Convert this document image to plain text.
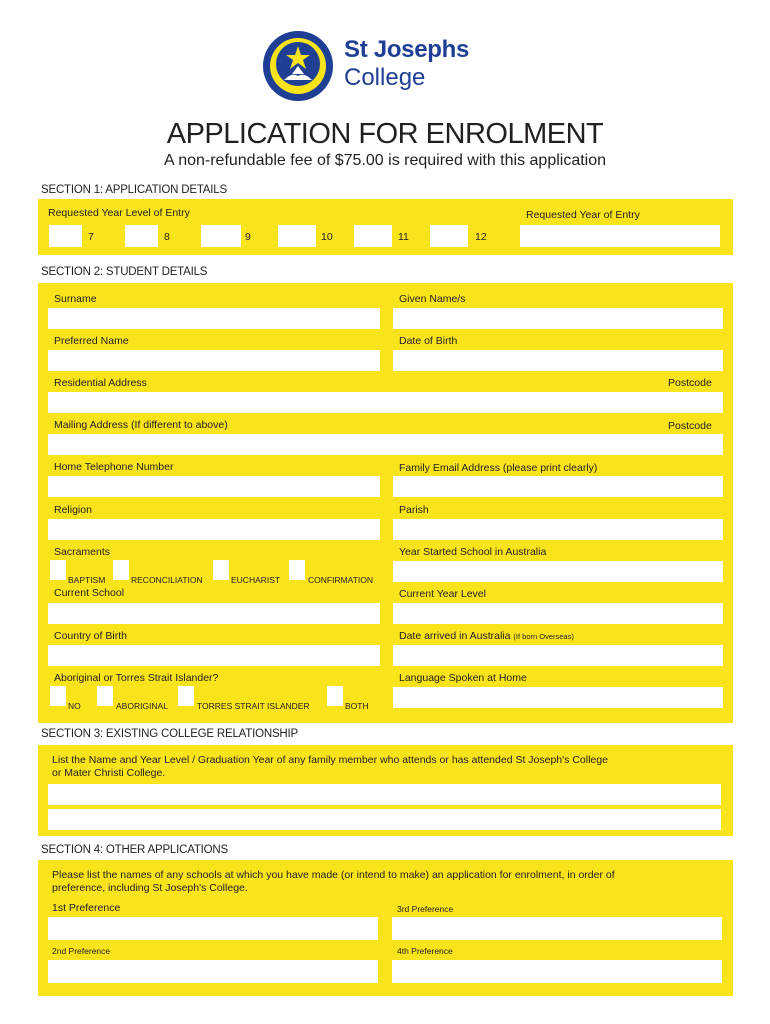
St Josephs
College
APPLICATION FOR ENROLMENT
A non-refundable fee of $75.00 is required with this application
SECTION 1: APPLICATION DETAILS
Requested Year Level of Entry	Requested Year of Entry
7	8	9	10	11	12
SECTION 2: STUDENT DETAILS
Surname	Given Name/s
Preferred Name	Date of Birth
Residential Address	Postcode
Mailing Address (If different to above)	Postcode
Home Telephone Number	Family Email Address (please print clearly)
Religion	Parish
Sacraments	Year Started School in Australia
BAPTISM	RECONCILIATION	EUCHARIST	CONFIRMATION
Current School	Current Year Level
Country of Birth	Date arrived in Australia (If born Overseas)
Aboriginal or Torres Strait Islander?	Language Spoken at Home
NO	ABORIGINAL	TORRES STRAIT ISLANDER	BOTH
SECTION 3: EXISTING COLLEGE RELATIONSHIP
List the Name and Year Level / Graduation Year of any family member who attends or has attended St Joseph's College
or Mater Christi College.
SECTION 4: OTHER APPLICATIONS
Please list the names of any schools at which you have made (or intend to make) an application for enrolment, in order of
preference, including St Joseph's College.
1st Preference	3rd Preference
2nd Preference	4th Preference
